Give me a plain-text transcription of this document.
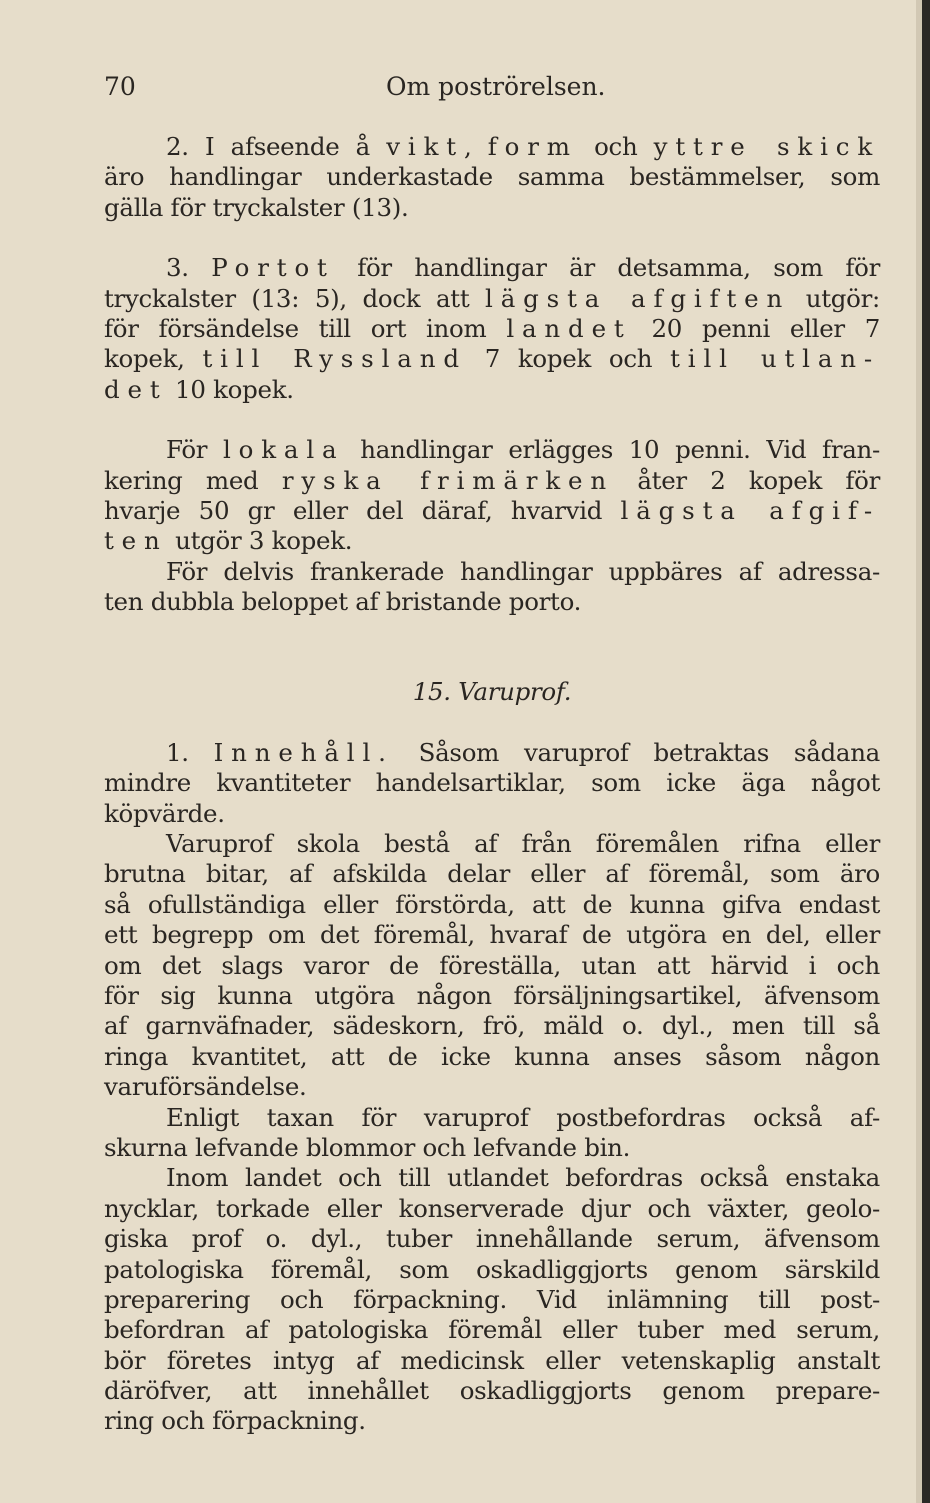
70	Om poströrelsen.
2. I afseende å vikt, form och yttre skick
äro handlingar underkastade samma bestämmelser, som
gälla för tryckalster (13).
3. Portot för handlingar är detsamma, som för
tryckalster (13: 5), dock att lägsta afgiften utgör:
för försändelse till ort inom landet 20 penni eller 7
kopek, till Ryssland 7 kopek och till utlan-
det 10 kopek.
För lokala handlingar erlägges 10 penni. Vid fran-
kering med ryska frimärken åter 2 kopek för
hvarje 50 gr eller del däraf, hvarvid lägsta afgif-
ten utgör 3 kopek.
För delvis frankerade handlingar uppbäres af adressa-
ten dubbla beloppet af bristande porto.
15. Varuprof.
1. Innehåll. Såsom varuprof betraktas sådana
mindre kvantiteter handelsartiklar, som icke äga något
köpvärde.
Varuprof skola bestå af från föremålen rifna eller
brutna bitar, af afskilda delar eller af föremål, som äro
så ofullständiga eller förstörda, att de kunna gifva endast
ett begrepp om det föremål, hvaraf de utgöra en del, eller
om det slags varor de föreställa, utan att härvid i och
för sig kunna utgöra någon försäljningsartikel, äfvensom
af garnväfnader, sädeskorn, frö, mäld o. dyl., men till så
ringa kvantitet, att de icke kunna anses såsom någon
varuförsändelse.
Enligt taxan för varuprof postbefordras också af-
skurna lefvande blommor och lefvande bin.
Inom landet och till utlandet befordras också enstaka
nycklar, torkade eller konserverade djur och växter, geolo-
giska prof o. dyl., tuber innehållande serum, äfvensom
patologiska föremål, som oskadliggjorts genom särskild
preparering och förpackning. Vid inlämning till post-
befordran af patologiska föremål eller tuber med serum,
bör företes intyg af medicinsk eller vetenskaplig anstalt
däröfver, att innehållet oskadliggjorts genom prepare-
ring och förpackning.
